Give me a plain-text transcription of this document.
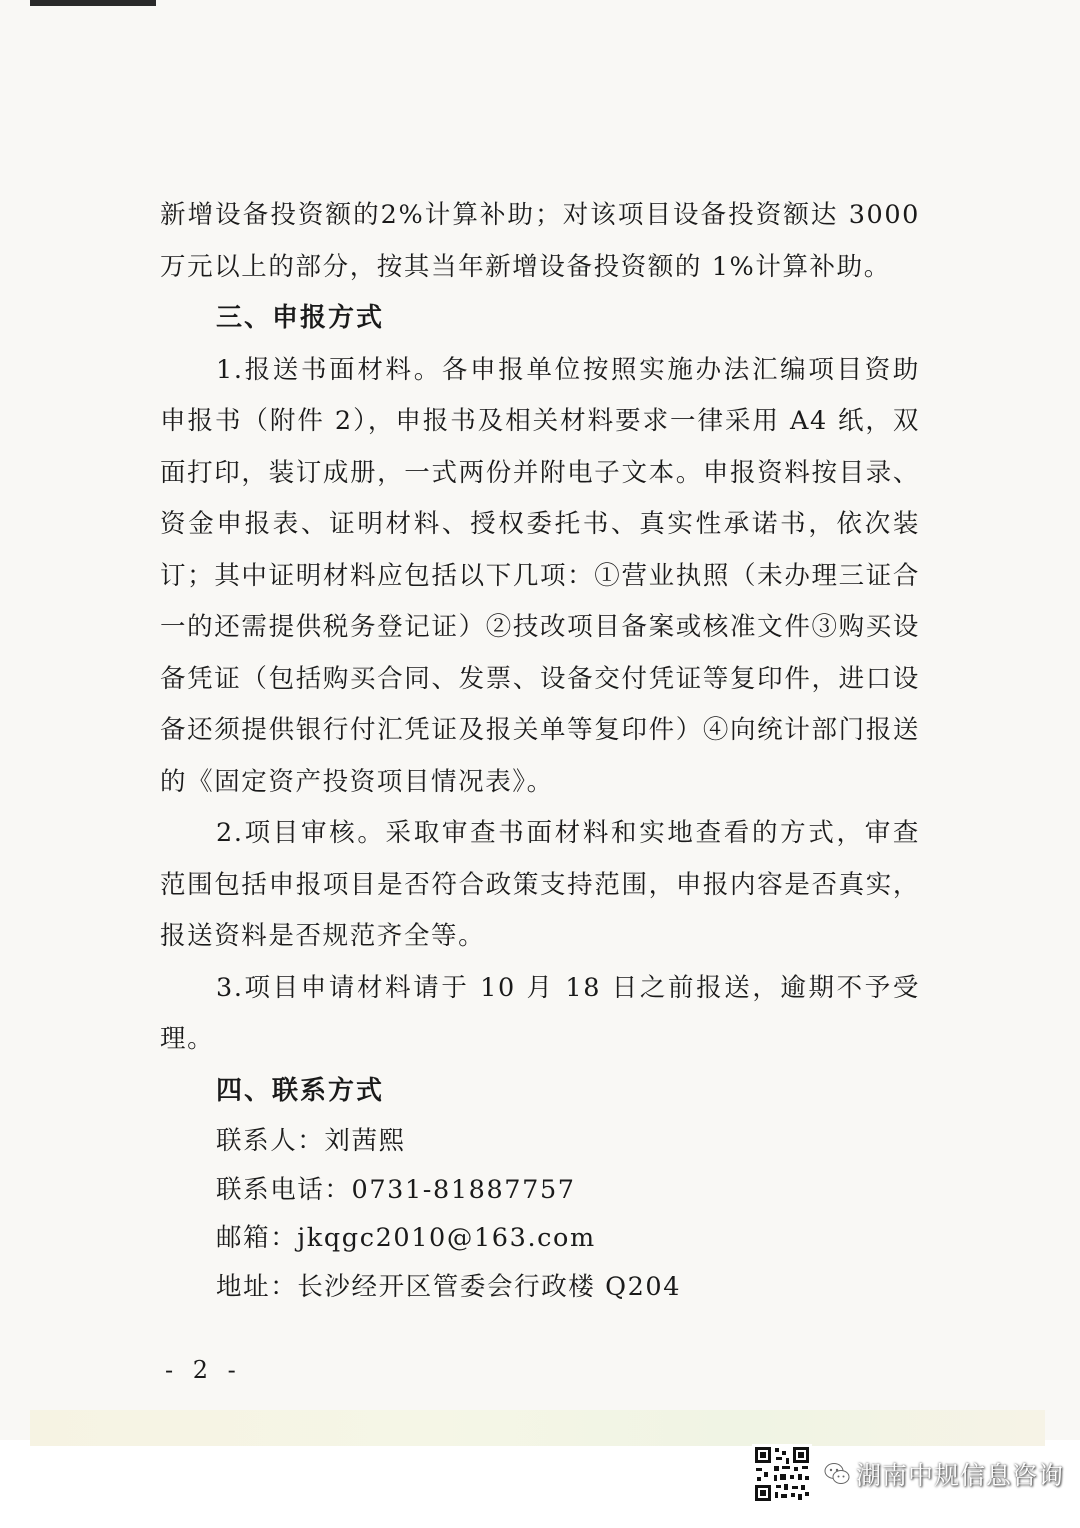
新增设备投资额的2%计算补助；对该项目设备投资额达 3000 万元以上的部分，按其当年新增设备投资额的 1%计算补助。

三、申报方式

1.报送书面材料。各申报单位按照实施办法汇编项目资助申报书（附件 2），申报书及相关材料要求一律采用 A4 纸，双面打印，装订成册，一式两份并附电子文本。申报资料按目录、资金申报表、证明材料、授权委托书、真实性承诺书，依次装订；其中证明材料应包括以下几项：①营业执照（未办理三证合一的还需提供税务登记证）②技改项目备案或核准文件③购买设备凭证（包括购买合同、发票、设备交付凭证等复印件，进口设备还须提供银行付汇凭证及报关单等复印件）④向统计部门报送的《固定资产投资项目情况表》。

2.项目审核。采取审查书面材料和实地查看的方式，审查范围包括申报项目是否符合政策支持范围，申报内容是否真实，报送资料是否规范齐全等。

3.项目申请材料请于 10 月 18 日之前报送，逾期不予受理。

四、联系方式

联系人：刘茜熙

联系电话：0731-81887757

邮箱：jkqgc2010@163.com

地址：长沙经开区管委会行政楼 Q204

- 2 -

湖南中规信息咨询
